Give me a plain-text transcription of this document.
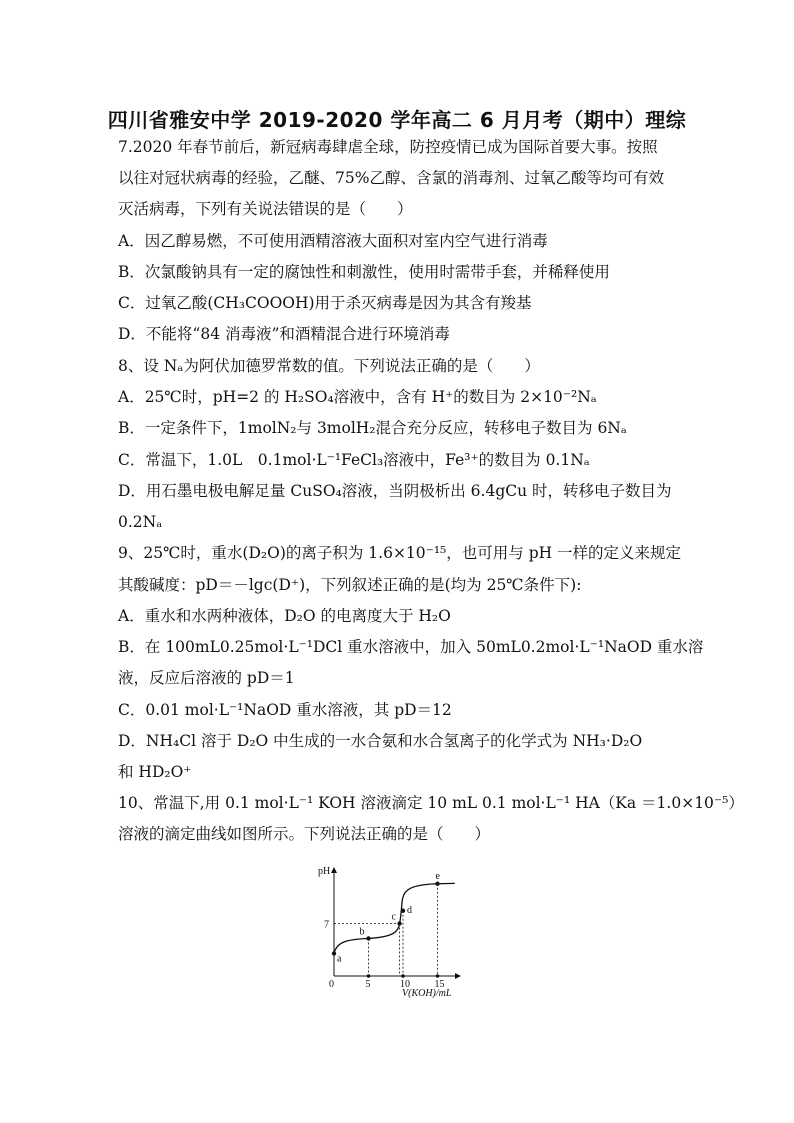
四川省雅安中学 2019-2020 学年高二 6 月月考（期中）理综
7.2020 年春节前后，新冠病毒肆虐全球，防控疫情已成为国际首要大事。按照
以往对冠状病毒的经验，乙醚、75%乙醇、含氯的消毒剂、过氧乙酸等均可有效
灭活病毒，下列有关说法错误的是（　　）
A．因乙醇易燃，不可使用酒精溶液大面积对室内空气进行消毒
B．次氯酸钠具有一定的腐蚀性和刺激性，使用时需带手套，并稀释使用
C．过氧乙酸(CH₃COOOH)用于杀灭病毒是因为其含有羧基
D．不能将“84 消毒液”和酒精混合进行环境消毒
8、设 Nₐ为阿伏加德罗常数的值。下列说法正确的是（　　）
A．25℃时，pH=2 的 H₂SO₄溶液中，含有 H⁺的数目为 2×10⁻²Nₐ
B．一定条件下，1molN₂与 3molH₂混合充分反应，转移电子数目为 6Nₐ
C．常温下，1.0L　0.1mol·L⁻¹FeCl₃溶液中，Fe³⁺的数目为 0.1Nₐ
D．用石墨电极电解足量 CuSO₄溶液，当阴极析出 6.4gCu 时，转移电子数目为
0.2Nₐ
9、25℃时，重水(D₂O)的离子积为 1.6×10⁻¹⁵，也可用与 pH 一样的定义来规定
其酸碱度：pD＝－lgc(D⁺)，下列叙述正确的是(均为 25℃条件下):
A．重水和水两种液体，D₂O 的电离度大于 H₂O
B．在 100mL0.25mol·L⁻¹DCl 重水溶液中，加入 50mL0.2mol·L⁻¹NaOD 重水溶
液，反应后溶液的 pD＝1
C．0.01 mol·L⁻¹NaOD 重水溶液，其 pD＝12
D．NH₄Cl 溶于 D₂O 中生成的一水合氨和水合氢离子的化学式为 NH₃·D₂O
和 HD₂O⁺
10、常温下,用 0.1 mol·L⁻¹ KOH 溶液滴定 10 mL 0.1 mol·L⁻¹ HA（Ka ＝1.0×10⁻⁵）
溶液的滴定曲线如图所示。下列说法正确的是（　　）
a
b
c
d
e
0	5	10 15
7
pH
V(KOH)/mL
